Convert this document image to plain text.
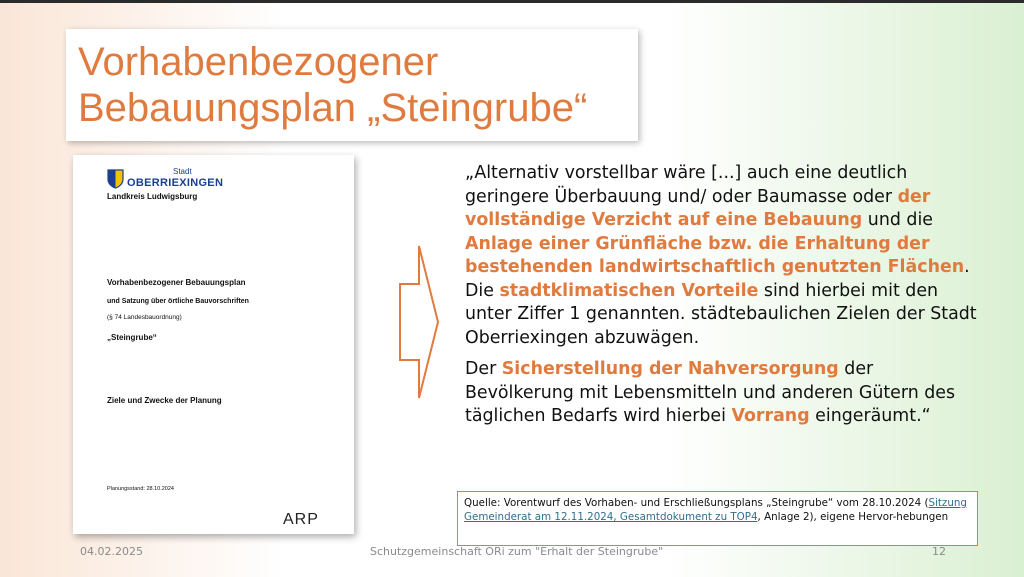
Vorhabenbezogener
Bebauungsplan „Steingrube“
Stadt
OBERRIEXINGEN
Landkreis Ludwigsburg
Vorhabenbezogener Bebauungsplan
und Satzung über örtliche Bauvorschriften
(§ 74 Landesbauordnung)
„Steingrube“
Ziele und Zwecke der Planung
Planungsstand: 28.10.2024
ARP

„Alternativ vorstellbar wäre [...] auch eine deutlich geringere Überbauung und/ oder Baumasse oder der vollständige Verzicht auf eine Bebauung und die Anlage einer Grünfläche bzw. die Erhaltung der bestehenden landwirtschaftlich genutzten Flächen. Die stadtklimatischen Vorteile sind hierbei mit den unter Ziffer 1 genannten. städtebaulichen Zielen der Stadt Oberriexingen abzuwägen.

Der Sicherstellung der Nahversorgung der Bevölkerung mit Lebensmitteln und anderen Gütern des täglichen Bedarfs wird hierbei Vorrang eingeräumt.“

Quelle: Vorentwurf des Vorhaben- und Erschließungsplans „Steingrube“ vom 28.10.2024 (Sitzung Gemeinderat am 12.11.2024, Gesamtdokument zu TOP4, Anlage 2), eigene Hervor-hebungen
04.02.2025	Schutzgemeinschaft ORi zum "Erhalt der Steingrube"	12
